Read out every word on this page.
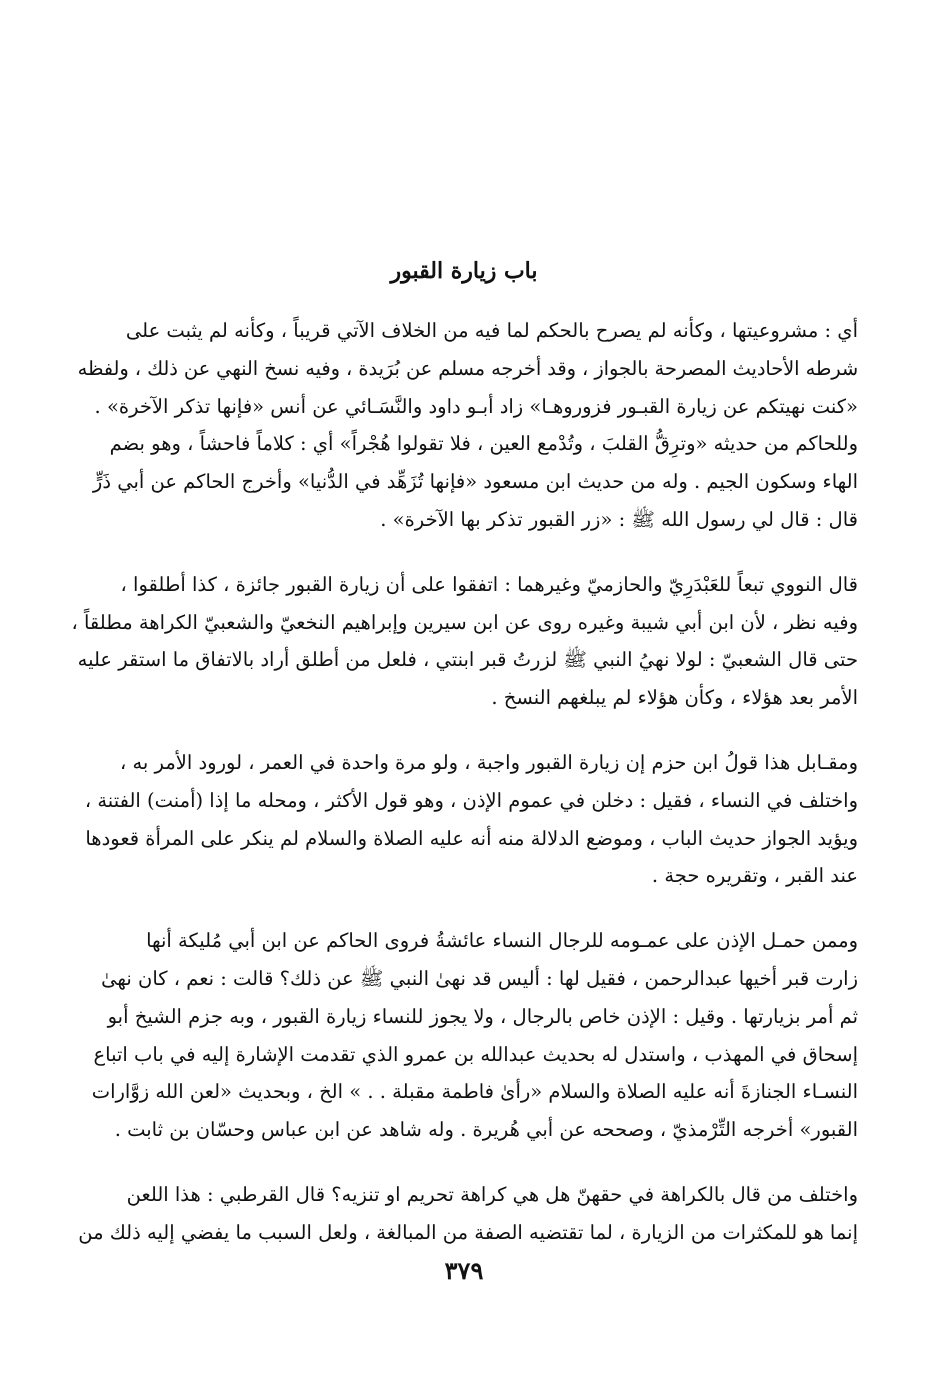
باب زيارة القبور

أي : مشروعيتها ، وكأنه لم يصرح بالحكم لما فيه من الخلاف الآتي قريباً ، وكأنه لم يثبت على
شرطه الأحاديث المصرحة بالجواز ، وقد أخرجه مسلم عن بُرَيدة ، وفيه نسخ النهي عن ذلك ، ولفظه
«كنت نهيتكم عن زيارة القبـور فزوروهـا» زاد أبـو داود والنَّسَـائي عن أنس «فإنها تذكر الآخرة» .
وللحاكم من حديثه «وترِقُّ القلبَ ، وتُدْمع العين ، فلا تقولوا هُجْراً» أي : كلاماً فاحشاً ، وهو بضم
الهاء وسكون الجيم . وله من حديث ابن مسعود «فإنها تُزَهِّد في الدُّنيا» وأخرج الحاكم عن أبي ذَرٍّ
قال : قال لي رسول الله ﷺ : «زر القبور تذكر بها الآخرة» .

قال النووي تبعاً للعَبْدَرِيّ والحازميّ وغيرهما : اتفقوا على أن زيارة القبور جائزة ، كذا أطلقوا ،
وفيه نظر ، لأن ابن أبي شيبة وغيره روى عن ابن سيرين وإبراهيم النخعيّ والشعبيّ الكراهة مطلقاً ،
حتى قال الشعبيّ : لولا نهيُ النبي ﷺ لزرتُ قبر ابنتي ، فلعل من أطلق أراد بالاتفاق ما استقر عليه
الأمر بعد هؤلاء ، وكأن هؤلاء لم يبلغهم النسخ .

ومقـابل هذا قولُ ابن حزم إن زيارة القبور واجبة ، ولو مرة واحدة في العمر ، لورود الأمر به ،
واختلف في النساء ، فقيل : دخلن في عموم الإذن ، وهو قول الأكثر ، ومحله ما إذا (أمنت) الفتنة ،
ويؤيد الجواز حديث الباب ، وموضع الدلالة منه أنه عليه الصلاة والسلام لم ينكر على المرأة قعودها
عند القبر ، وتقريره حجة .

وممن حمـل الإذن على عمـومه للرجال النساء عائشةُ فروى الحاكم عن ابن أبي مُليكة أنها
زارت قبر أخيها عبدالرحمن ، فقيل لها : أليس قد نهىٰ النبي ﷺ عن ذلك؟ قالت : نعم ، كان نهىٰ
ثم أمر بزيارتها . وقيل : الإذن خاص بالرجال ، ولا يجوز للنساء زيارة القبور ، وبه جزم الشيخ أبو
إسحاق في المهذب ، واستدل له بحديث عبدالله بن عمرو الذي تقدمت الإشارة إليه في باب اتباع
النسـاء الجنازةَ أنه عليه الصلاة والسلام «رأىٰ فاطمة مقبلة . . » الخ ، وبحديث «لعن الله زوَّارات
القبور» أخرجه التِّرْمذيّ ، وصححه عن أبي هُريرة . وله شاهد عن ابن عباس وحسّان بن ثابت .

واختلف من قال بالكراهة في حقهنّ هل هي كراهة تحريم او تنزيه؟ قال القرطبي : هذا اللعن
إنما هو للمكثرات من الزيارة ، لما تقتضيه الصفة من المبالغة ، ولعل السبب ما يفضي إليه ذلك من

٣٧٩
